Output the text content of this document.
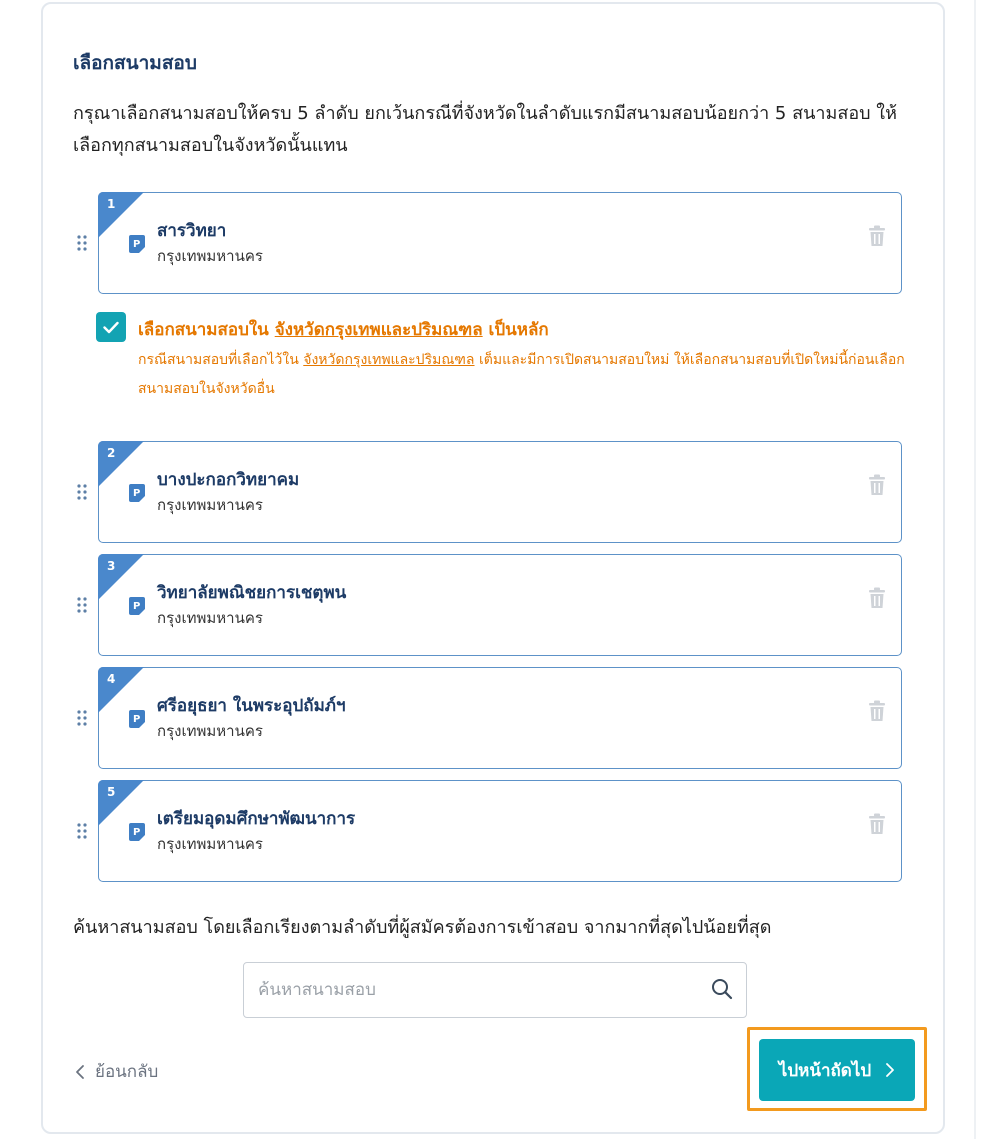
เลือกสนามสอบ
กรุณาเลือกสนามสอบให้ครบ 5 ลำดับ ยกเว้นกรณีที่จังหวัดในลำดับแรกมีสนามสอบน้อยกว่า 5 สนามสอบ ให้เลือกทุกสนามสอบในจังหวัดนั้นแทน
1
P
สารวิทยา
กรุงเทพมหานคร
เลือกสนามสอบใน จังหวัดกรุงเทพและปริมณฑล เป็นหลัก
กรณีสนามสอบที่เลือกไว้ใน จังหวัดกรุงเทพและปริมณฑล เต็มและมีการเปิดสนามสอบใหม่ ให้เลือกสนามสอบที่เปิดใหม่นี้ก่อนเลือกสนามสอบในจังหวัดอื่น
2
P
บางปะกอกวิทยาคม
กรุงเทพมหานคร
3
P
วิทยาลัยพณิชยการเชตุพน
กรุงเทพมหานคร
4
P
ศรีอยุธยา ในพระอุปถัมภ์ฯ
กรุงเทพมหานคร
5
P
เตรียมอุดมศึกษาพัฒนาการ
กรุงเทพมหานคร
ค้นหาสนามสอบ โดยเลือกเรียงตามลำดับที่ผู้สมัครต้องการเข้าสอบ จากมากที่สุดไปน้อยที่สุด
ค้นหาสนามสอบ
ย้อนกลับ	ไปหน้าถัดไป
